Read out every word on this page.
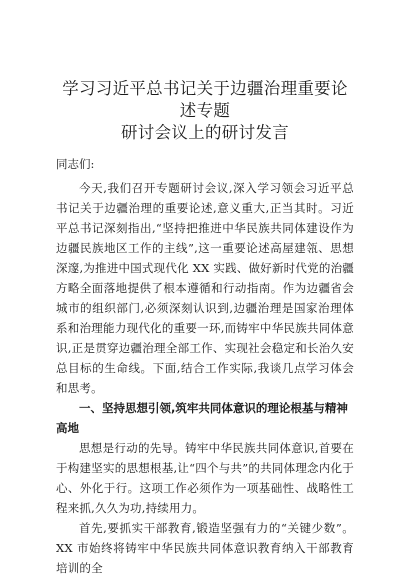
学习习近平总书记关于边疆治理重要论述专题
研讨会议上的研讨发言
同志们:

今天,我们召开专题研讨会议,深入学习领会习近平总书记关于边疆治理的重要论述,意义重大,正当其时。习近平总书记深刻指出,“坚持把推进中华民族共同体建设作为边疆民族地区工作的主线”,这一重要论述高屋建瓴、思想深邃,为推进中国式现代化 XX 实践、做好新时代党的治疆方略全面落地提供了根本遵循和行动指南。作为边疆省会城市的组织部门,必须深刻认识到,边疆治理是国家治理体系和治理能力现代化的重要一环,而铸牢中华民族共同体意识,正是贯穿边疆治理全部工作、实现社会稳定和长治久安总目标的生命线。下面,结合工作实际,我谈几点学习体会和思考。

一、坚持思想引领,筑牢共同体意识的理论根基与精神高地

思想是行动的先导。铸牢中华民族共同体意识,首要在于构建坚实的思想根基,让“四个与共”的共同体理念内化于心、外化于行。这项工作必须作为一项基础性、战略性工程来抓,久久为功,持续用力。

首先,要抓实干部教育,锻造坚强有力的“关键少数”。XX 市始终将铸牢中华民族共同体意识教育纳入干部教育培训的全
